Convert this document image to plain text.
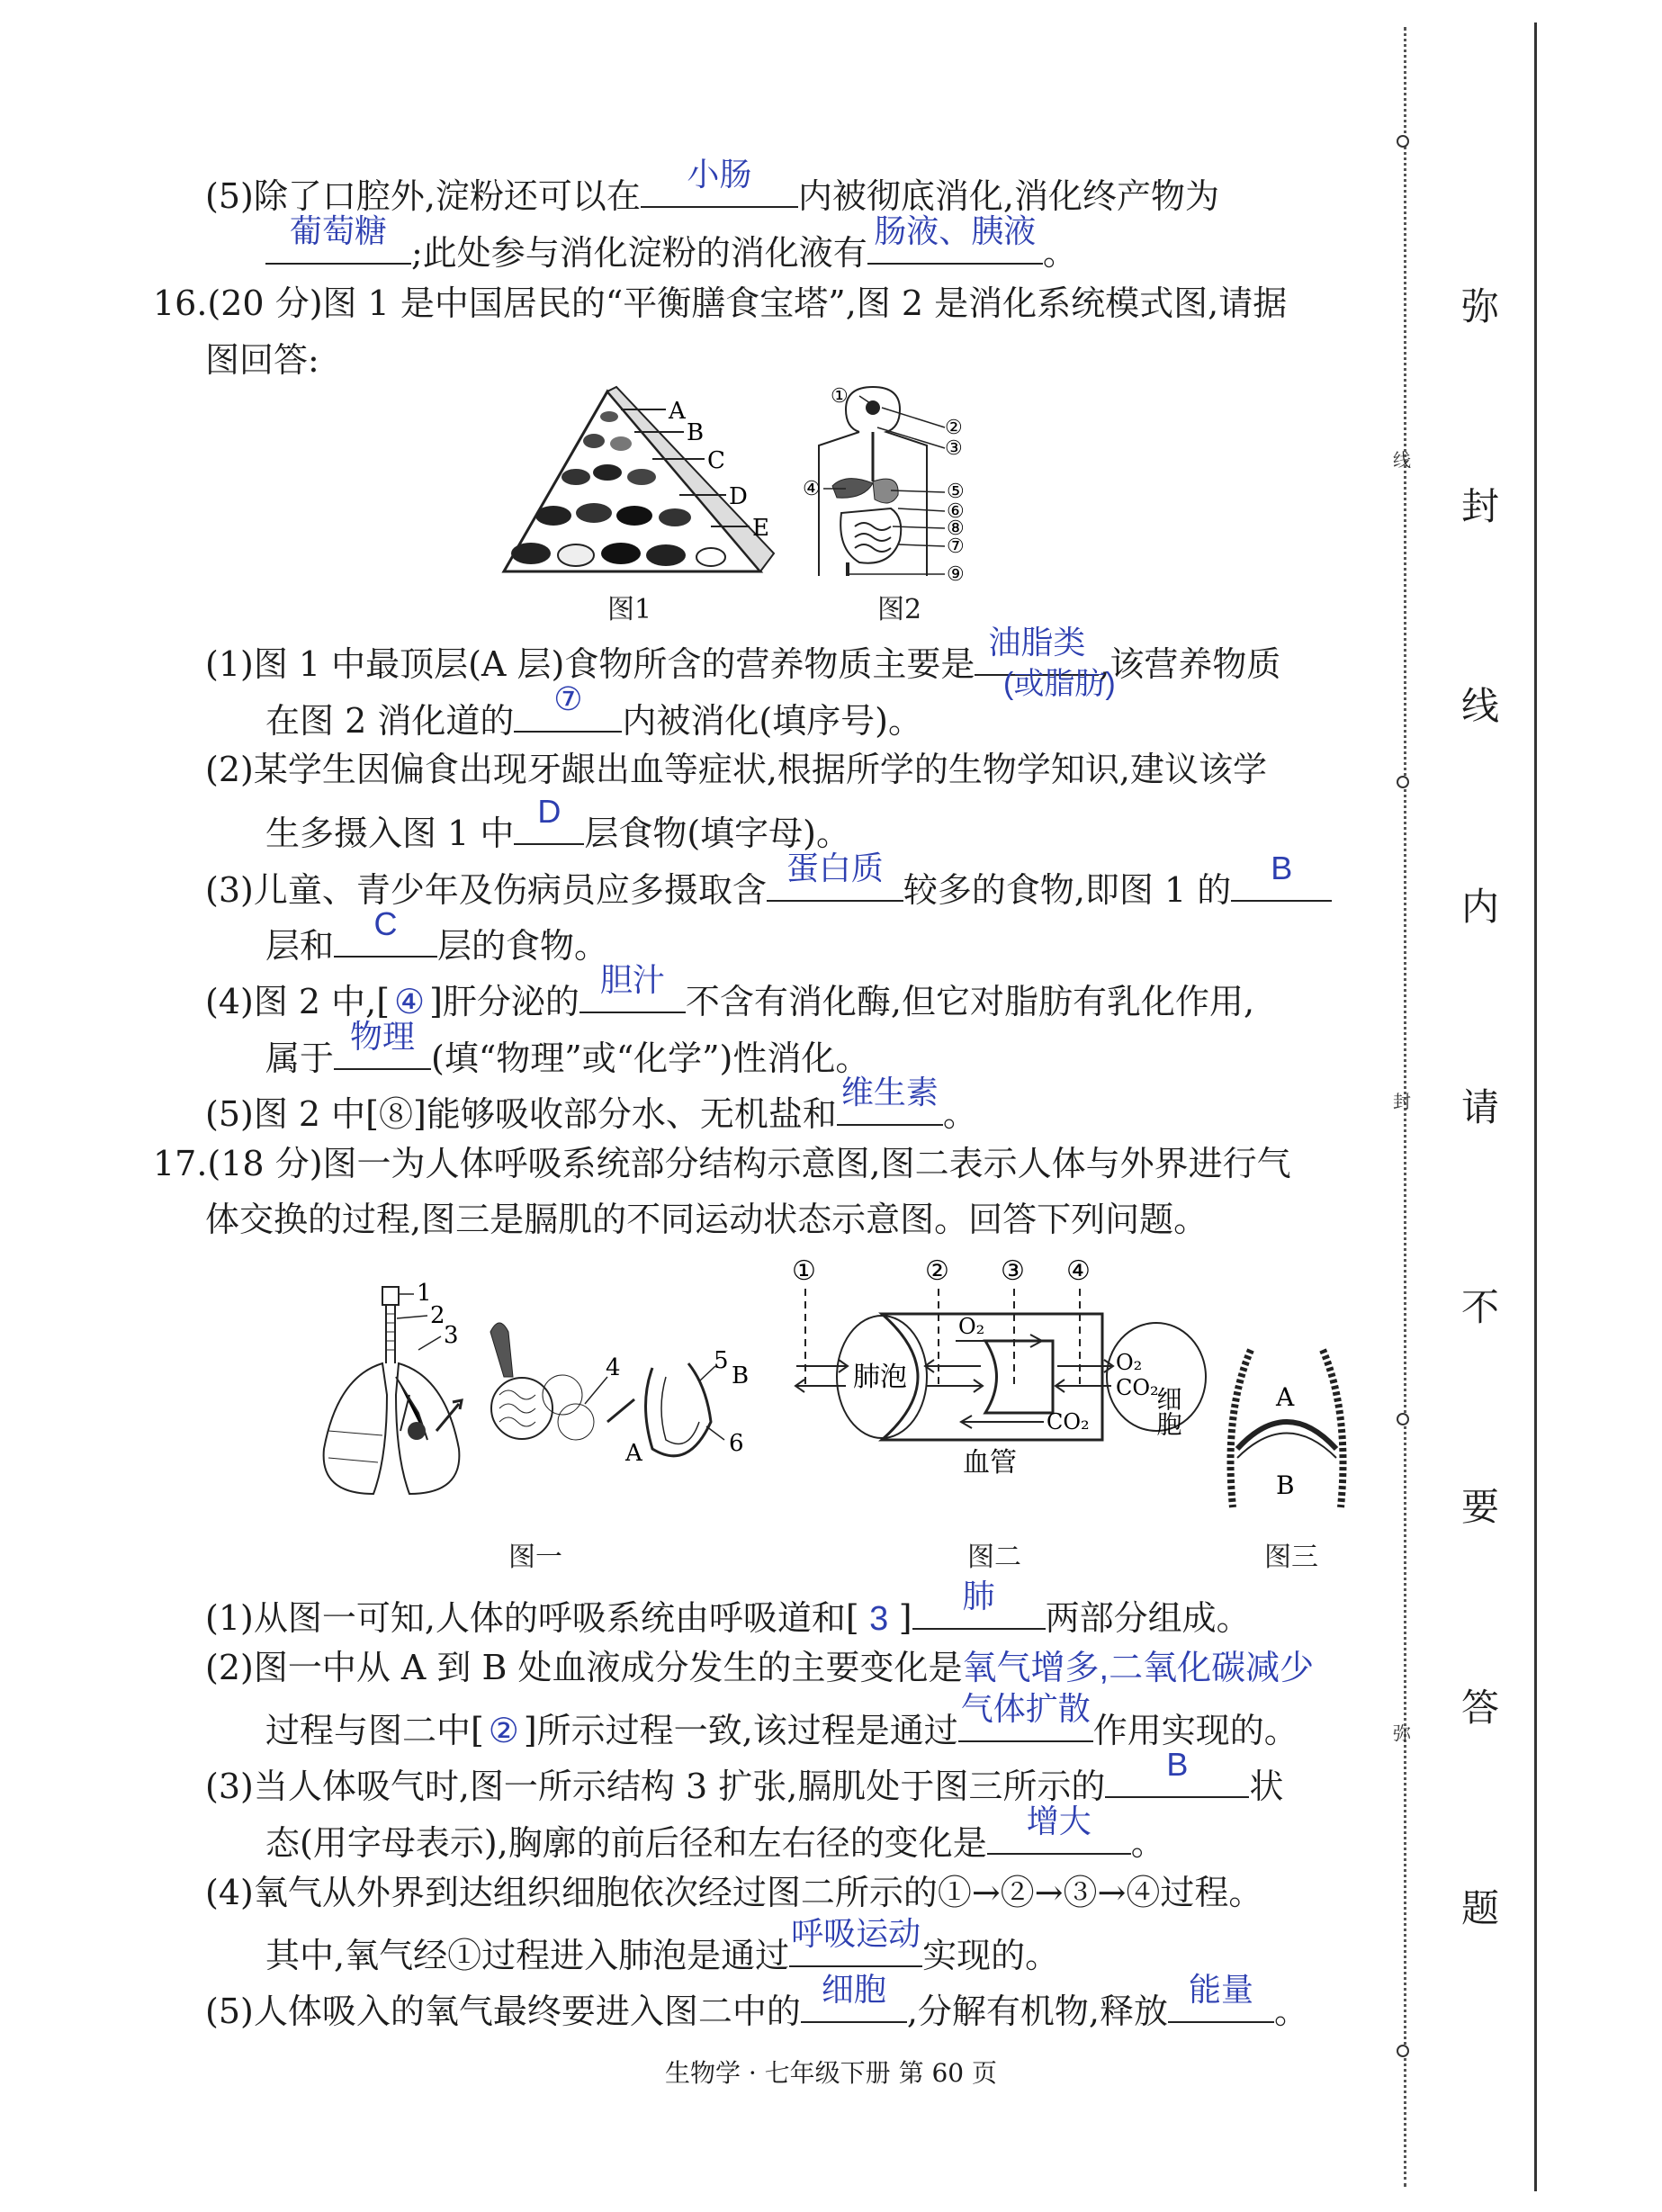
(5)除了口腔外,淀粉还可以在
小肠
内被彻底消化,消化终产物为
葡萄糖
;此处参与消化淀粉的消化液有
肠液、胰液
。
16.(20 分)图 1 是中国居民的“平衡膳食宝塔”,图 2 是消化系统模式图,请据
图回答:
A
B
C
D
E
图1
①
②
③
④	⑤
⑥
⑧
⑦
⑨
图2
(1)图 1 中最顶层(A 层)食物所含的营养物质主要是
油脂类
(或脂肪)
,该营养物质
在图 2 消化道的
⑦
内被消化(填序号)。
(2)某学生因偏食出现牙龈出血等症状,根据所学的生物学知识,建议该学
生多摄入图 1 中
D
层食物(填字母)。
(3)儿童、青少年及伤病员应多摄取含
蛋白质
较多的食物,即图 1 的
B
层和
C
层的食物。
(4)图 2 中,[ ④ ]肝分泌的
胆汁
不含有消化酶,但它对脂肪有乳化作用,
属于
物理
(填“物理”或“化学”)性消化。
(5)图 2 中[⑧]能够吸收部分水、无机盐和
维生素
。
17.(18 分)图一为人体呼吸系统部分结构示意图,图二表示人体与外界进行气
体交换的过程,图三是膈肌的不同运动状态示意图。回答下列问题。
1
2
3
4	5
B
6
A
图一
①	② ③ ④
肺泡
O₂
CO₂
O₂
CO₂
细胞
血管
图二
A
B
图三
(1)从图一可知,人体的呼吸系统由呼吸道和[ 3 ]
肺
两部分组成。
(2)图一中从 A 到 B 处血液成分发生的主要变化是氧气增多,二氧化碳减少
过程与图二中[ ② ]所示过程一致,该过程是通过
气体扩散
作用实现的。
(3)当人体吸气时,图一所示结构 3 扩张,膈肌处于图三所示的
B
状
态(用字母表示),胸廓的前后径和左右径的变化是
增大
。
(4)氧气从外界到达组织细胞依次经过图二所示的①→②→③→④过程。
其中,氧气经①过程进入肺泡是通过
呼吸运动
实现的。
(5)人体吸入的氧气最终要进入图二中的
细胞
,分解有机物,释放
能量
。
生物学 · 七年级下册 第 60 页
线
封
弥
弥
封
线
内
请
不
要
答
题
